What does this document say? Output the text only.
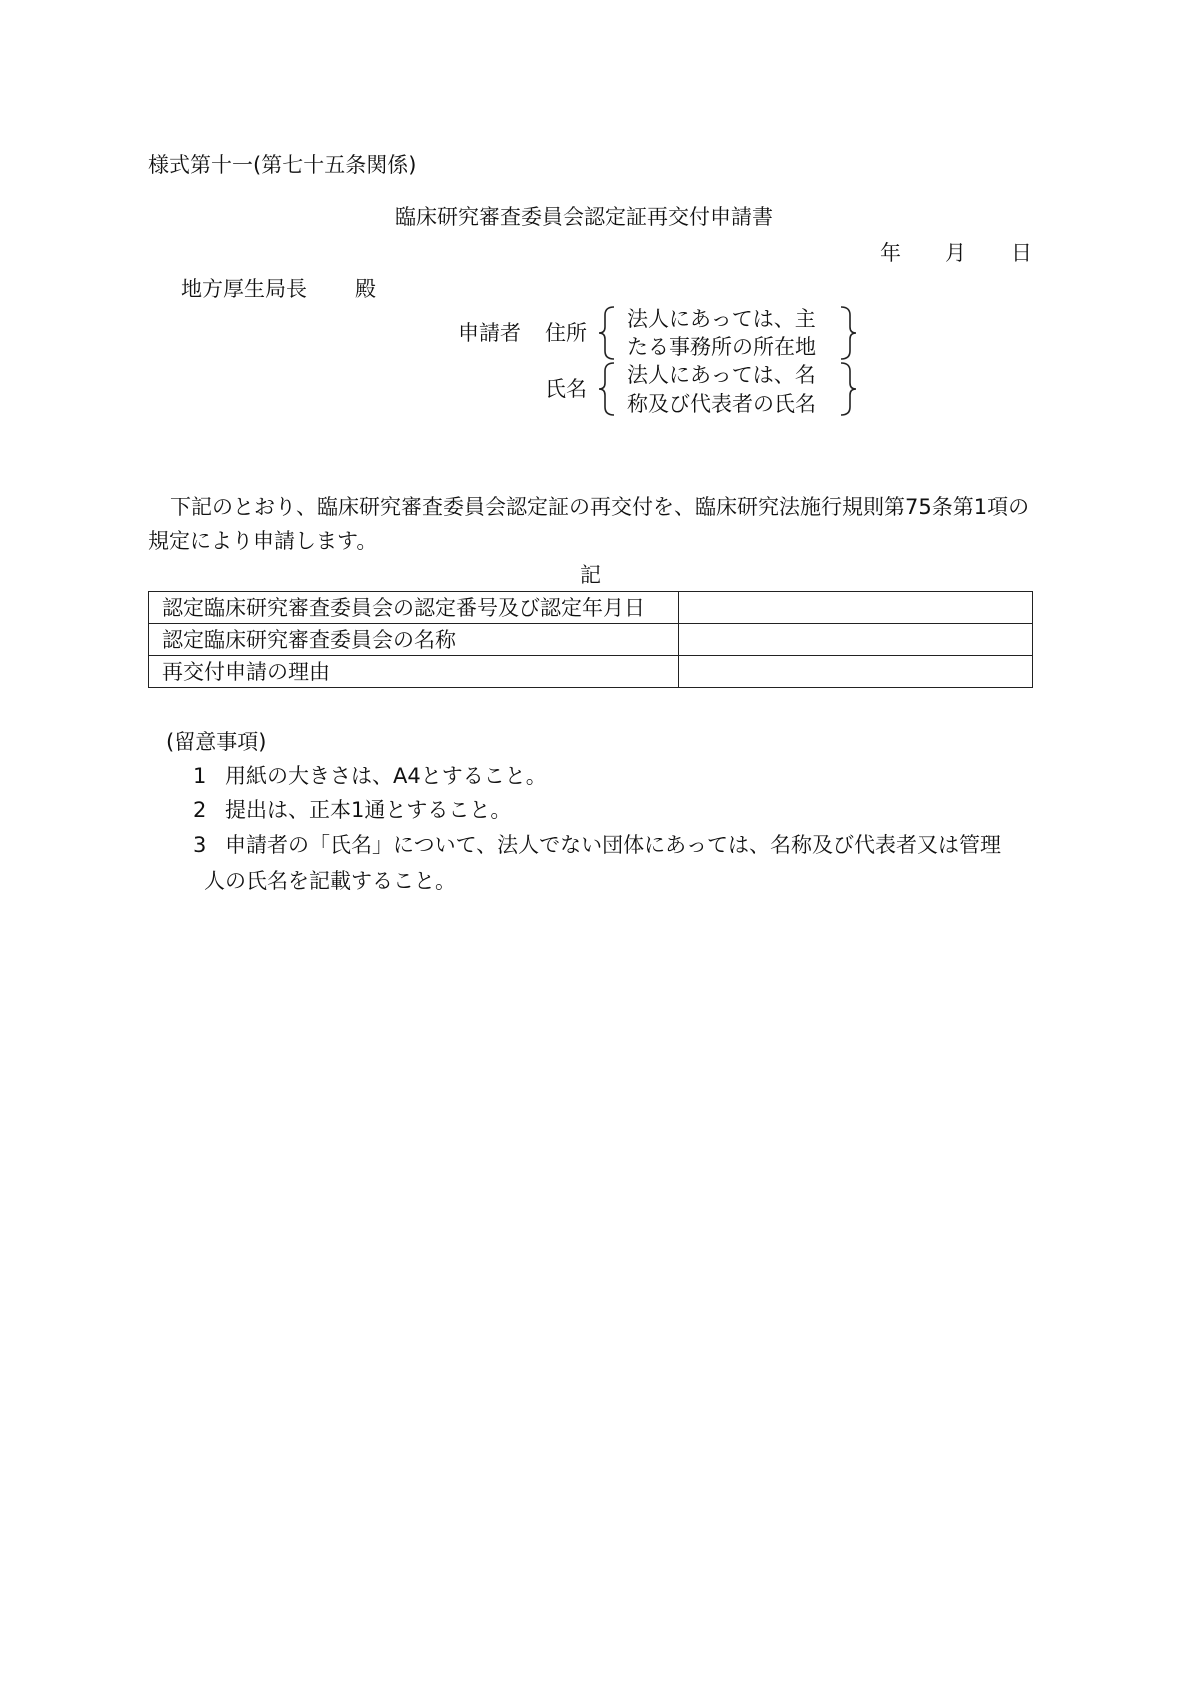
様式第十一(第七十五条関係)
臨床研究審査委員会認定証再交付申請書
年 月 日
地方厚生局長 殿
申請者 住所
氏名
法人にあっては、主
たる事務所の所在地
法人にあっては、名
称及び代表者の氏名
下記のとおり、臨床研究審査委員会認定証の再交付を、臨床研究法施行規則第75条第1項の規定により申請します。
記
認定臨床研究審査委員会の認定番号及び認定年月日	
認定臨床研究審査委員会の名称	
再交付申請の理由	
(留意事項)
1 用紙の大きさは、A4とすること。
2 提出は、正本1通とすること。
3 申請者の「氏名」について、法人でない団体にあっては、名称及び代表者又は管理
人の氏名を記載すること。
